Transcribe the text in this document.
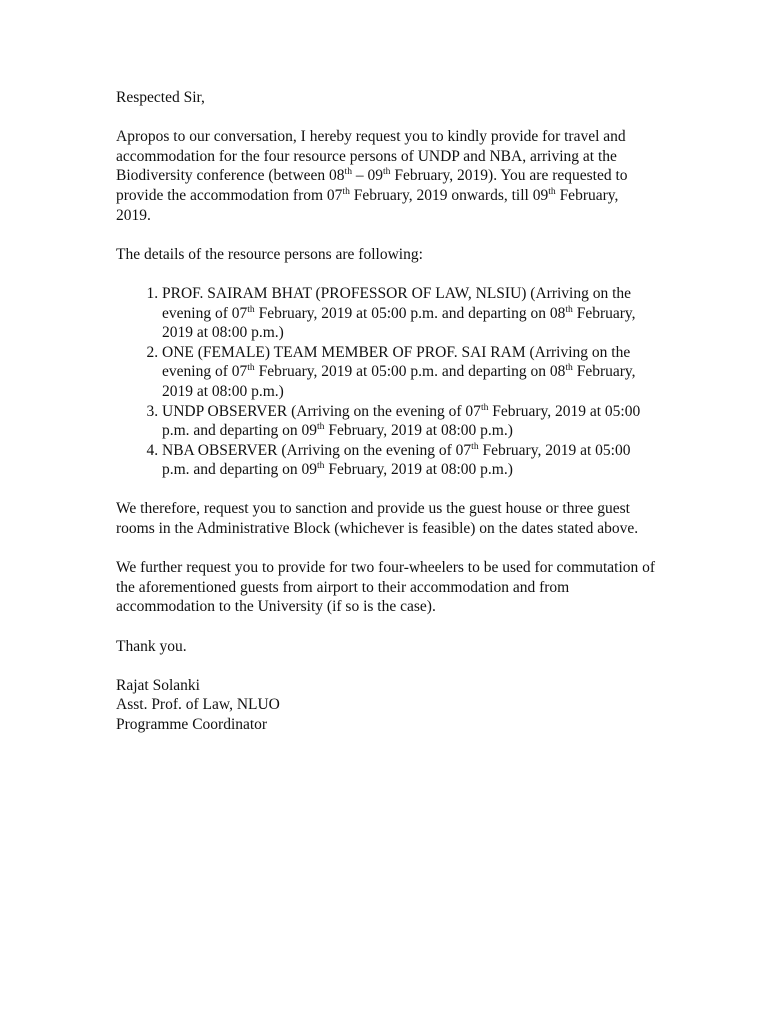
Respected Sir,

Apropos to our conversation, I hereby request you to kindly provide for travel and accommodation for the four resource persons of UNDP and NBA, arriving at the Biodiversity conference (between 08th – 09th February, 2019). You are requested to provide the accommodation from 07th February, 2019 onwards, till 09th February, 2019.

The details of the resource persons are following:

1. PROF. SAIRAM BHAT (PROFESSOR OF LAW, NLSIU) (Arriving on the evening of 07th February, 2019 at 05:00 p.m. and departing on 08th February, 2019 at 08:00 p.m.)
2. ONE (FEMALE) TEAM MEMBER OF PROF. SAI RAM (Arriving on the evening of 07th February, 2019 at 05:00 p.m. and departing on 08th February, 2019 at 08:00 p.m.)
3. UNDP OBSERVER (Arriving on the evening of 07th February, 2019 at 05:00 p.m. and departing on 09th February, 2019 at 08:00 p.m.)
4. NBA OBSERVER (Arriving on the evening of 07th February, 2019 at 05:00 p.m. and departing on 09th February, 2019 at 08:00 p.m.)

We therefore, request you to sanction and provide us the guest house or three guest rooms in the Administrative Block (whichever is feasible) on the dates stated above.

We further request you to provide for two four-wheelers to be used for commutation of the aforementioned guests from airport to their accommodation and from accommodation to the University (if so is the case).

Thank you.

Rajat Solanki

Asst. Prof. of Law, NLUO

Programme Coordinator
